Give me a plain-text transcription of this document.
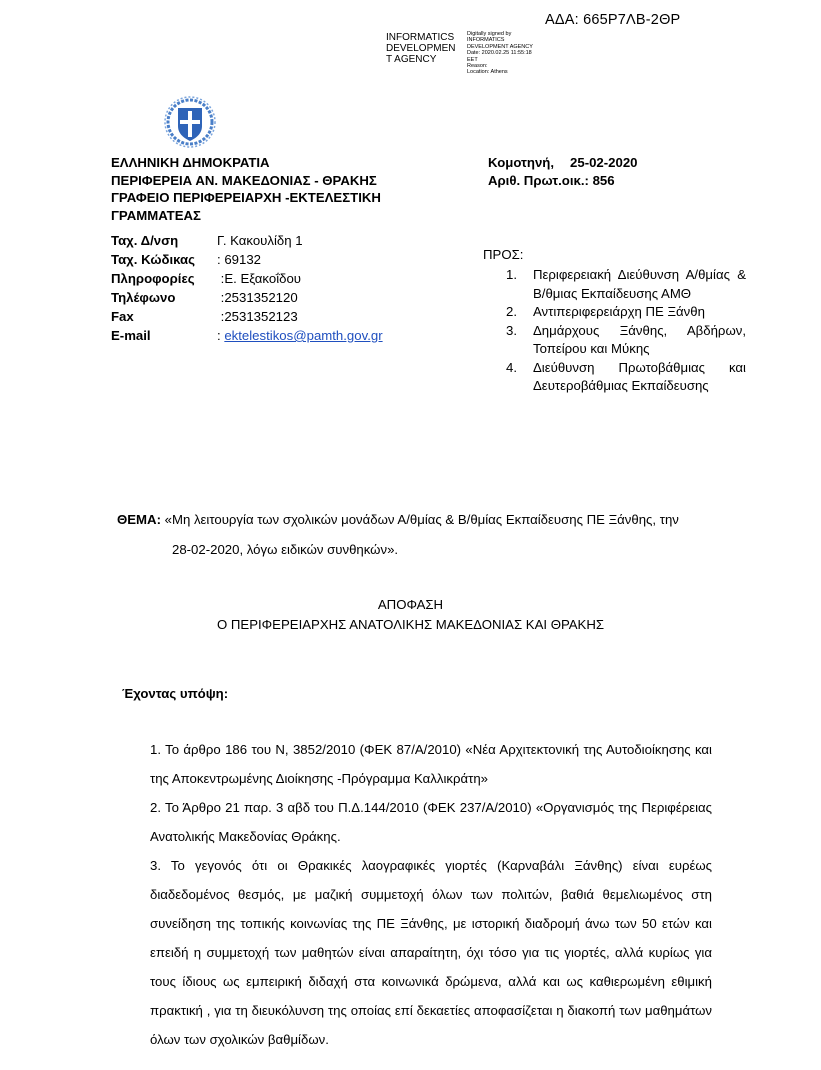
ΑΔΑ: 665Ρ7ΛΒ-2ΘΡ
INFORMATICS
DEVELOPMEN
T AGENCY
Digitally signed by
INFORMATICS
DEVELOPMENT AGENCY
Date: 2020.02.25 11:55:18
EET
Reason:
Location: Athens
ΕΛΛΗΝΙΚΗ ΔΗΜΟΚΡΑΤΙΑ
ΠΕΡΙΦΕΡΕΙΑ ΑΝ. ΜΑΚΕΔΟΝΙΑΣ - ΘΡΑΚΗΣ
ΓΡΑΦΕΙΟ ΠΕΡΙΦΕΡΕΙΑΡΧΗ -ΕΚΤΕΛΕΣΤΙΚΗ
ΓΡΑΜΜΑΤΕΑΣ
Κομοτηνή, 25-02-2020
Αριθ. Πρωτ.οικ.: 856
Ταχ. Δ/νση	Γ. Κακουλίδη 1
Ταχ. Κώδικας	: 69132
Πληροφορίες	:Ε. Εξακοΐδου
Τηλέφωνο	:2531352120
Fax	:2531352123
E-mail	: ektelestikos@pamth.gov.gr
ΠΡΟΣ:
1.	Περιφερειακή Διεύθυνση Α/θμίας & Β/θμιας Εκπαίδευσης ΑΜΘ
2.	Αντιπεριφερειάρχη ΠΕ Ξάνθη
3.	Δημάρχους Ξάνθης, Αβδήρων, Τοπείρου και Μύκης
4.	Διεύθυνση Πρωτοβάθμιας και Δευτεροβάθμιας Εκπαίδευσης
ΘΕΜΑ: «Μη λειτουργία των σχολικών μονάδων Α/θμίας & Β/θμίας Εκπαίδευσης ΠΕ Ξάνθης, την
28-02-2020, λόγω ειδικών συνθηκών».
ΑΠΟΦΑΣΗ
Ο ΠΕΡΙΦΕΡΕΙΑΡΧΗΣ ΑΝΑΤΟΛΙΚΗΣ ΜΑΚΕΔΟΝΙΑΣ ΚΑΙ ΘΡΑΚΗΣ
Έχοντας υπόψη:

1. Το άρθρο 186 του Ν, 3852/2010 (ΦΕΚ 87/Α/2010) «Νέα Αρχιτεκτονική της Αυτοδιοίκησης και της Αποκεντρωμένης Διοίκησης -Πρόγραμμα Καλλικράτη»

2. Το Άρθρο 21 παρ. 3 αβδ του Π.Δ.144/2010 (ΦΕΚ 237/Α/2010) «Οργανισμός της Περιφέρειας Ανατολικής Μακεδονίας Θράκης.

3. Το γεγονός ότι οι Θρακικές λαογραφικές γιορτές (Καρναβάλι Ξάνθης) είναι ευρέως διαδεδομένος θεσμός, με μαζική συμμετοχή όλων των πολιτών, βαθιά θεμελιωμένος στη συνείδηση της τοπικής κοινωνίας της ΠΕ Ξάνθης, με ιστορική διαδρομή άνω των 50 ετών και επειδή η συμμετοχή των μαθητών είναι απαραίτητη, όχι τόσο για τις γιορτές, αλλά κυρίως για τους ίδιους ως εμπειρική διδαχή στα κοινωνικά δρώμενα, αλλά και ως καθιερωμένη εθιμική πρακτική , για τη διευκόλυνση της οποίας επί δεκαετίες αποφασίζεται η διακοπή των μαθημάτων όλων των σχολικών βαθμίδων.
